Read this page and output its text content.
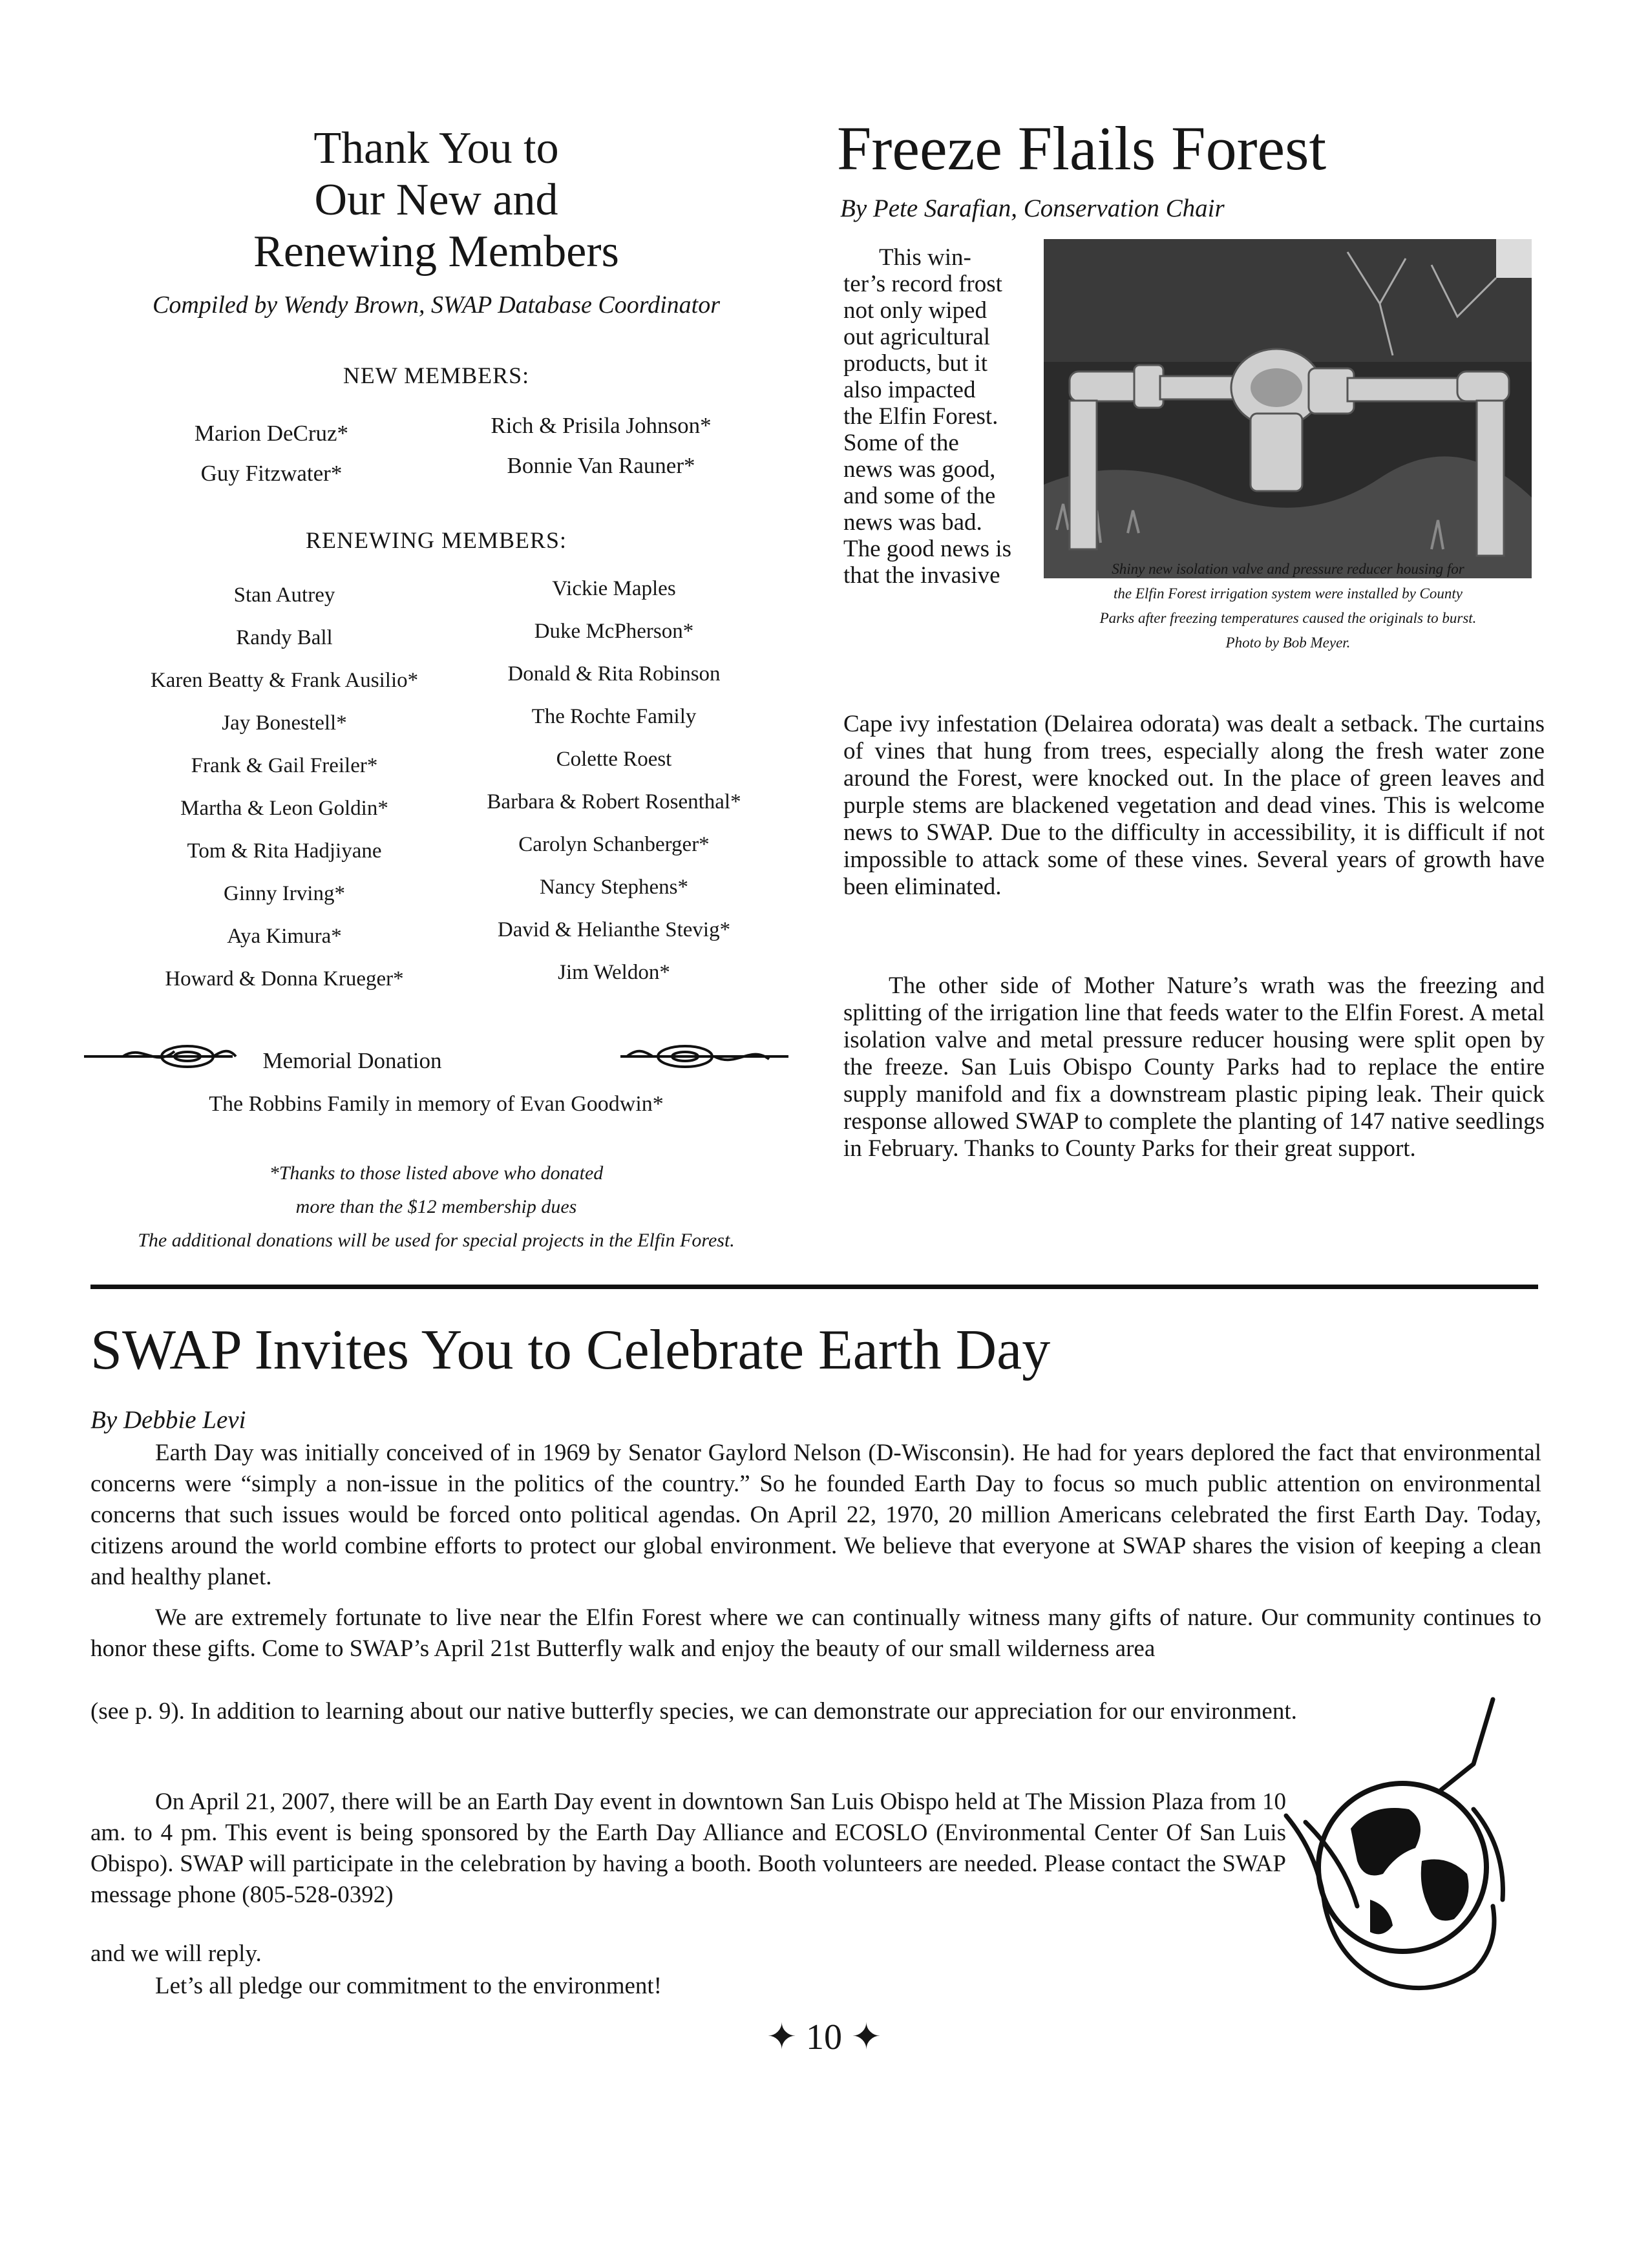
Thank You to
Our New and
Renewing Members
Compiled by Wendy Brown, SWAP Database Coordinator
NEW MEMBERS:
Marion DeCruz*
Guy Fitzwater*
Rich & Prisila Johnson*
Bonnie Van Rauner*
RENEWING MEMBERS:
Stan Autrey
Randy Ball
Karen Beatty & Frank Ausilio*
Jay Bonestell*
Frank & Gail Freiler*
Martha & Leon Goldin*
Tom & Rita Hadjiyane
Ginny Irving*
Aya Kimura*
Howard & Donna Krueger*
Vickie Maples
Duke McPherson*
Donald & Rita Robinson
The Rochte Family
Colette Roest
Barbara & Robert Rosenthal*
Carolyn Schanberger*
Nancy Stephens*
David & Helianthe Stevig*
Jim Weldon*
Memorial Donation
The Robbins Family in memory of Evan Goodwin*
*Thanks to those listed above who donated
more than the $12 membership dues
The additional donations will be used for special projects in the Elfin Forest.
Freeze Flails Forest
By Pete Sarafian, Conservation Chair
This win-
ter’s record frost
not only wiped
out agricultural
products, but it
also impacted
the Elfin Forest.
Some of the
news was good,
and some of the
news was bad.
The good news is
that the invasive	Shiny new isolation valve and pressure reducer housing for
the Elfin Forest irrigation system were installed by County
Parks after freezing temperatures caused the originals to burst.
Photo by Bob Meyer.
Cape ivy infestation (Delairea odorata) was dealt a setback. The curtains of vines that hung from trees, especially along the fresh water zone around the Forest, were knocked out. In the place of green leaves and purple stems are blackened vegetation and dead vines. This is welcome news to SWAP. Due to the difficulty in accessibility, it is difficult if not impossible to attack some of these vines. Several years of growth have been eliminated.
The other side of Mother Nature’s wrath was the freezing and splitting of the irrigation line that feeds water to the Elfin Forest. A metal isolation valve and metal pressure reducer housing were split open by the freeze. San Luis Obispo County Parks had to replace the entire supply manifold and fix a downstream plastic piping leak. Their quick response allowed SWAP to complete the planting of 147 native seedlings in February. Thanks to County Parks for their great support.
SWAP Invites You to Celebrate Earth Day
By Debbie Levi
Earth Day was initially conceived of in 1969 by Senator Gaylord Nelson (D-Wisconsin). He had for years deplored the fact that environmental concerns were “simply a non-issue in the politics of the country.” So he founded Earth Day to focus so much public attention on environmental concerns that such issues would be forced onto political agendas. On April 22, 1970, 20 million Americans celebrated the first Earth Day. Today, citizens around the world combine efforts to protect our global environment. We believe that everyone at SWAP shares the vision of keeping a clean and healthy planet.
We are extremely fortunate to live near the Elfin Forest where we can continually witness many gifts of nature. Our community continues to honor these gifts. Come to SWAP’s April 21st Butterfly walk and enjoy the beauty of our small wilderness area
(see p. 9). In addition to learning about our native butterfly species, we can demonstrate our appreciation for our environment.
On April 21, 2007, there will be an Earth Day event in downtown San Luis Obispo held at The Mission Plaza from 10 am. to 4 pm. This event is being sponsored by the Earth Day Alliance and ECOSLO (Environmental Center Of San Luis Obispo). SWAP will participate in the celebration by having a booth. Booth volunteers are needed. Please contact the SWAP message phone (805-528-0392)
and we will reply.
Let’s all pledge our commitment to the environment!
✦ 10 ✦
